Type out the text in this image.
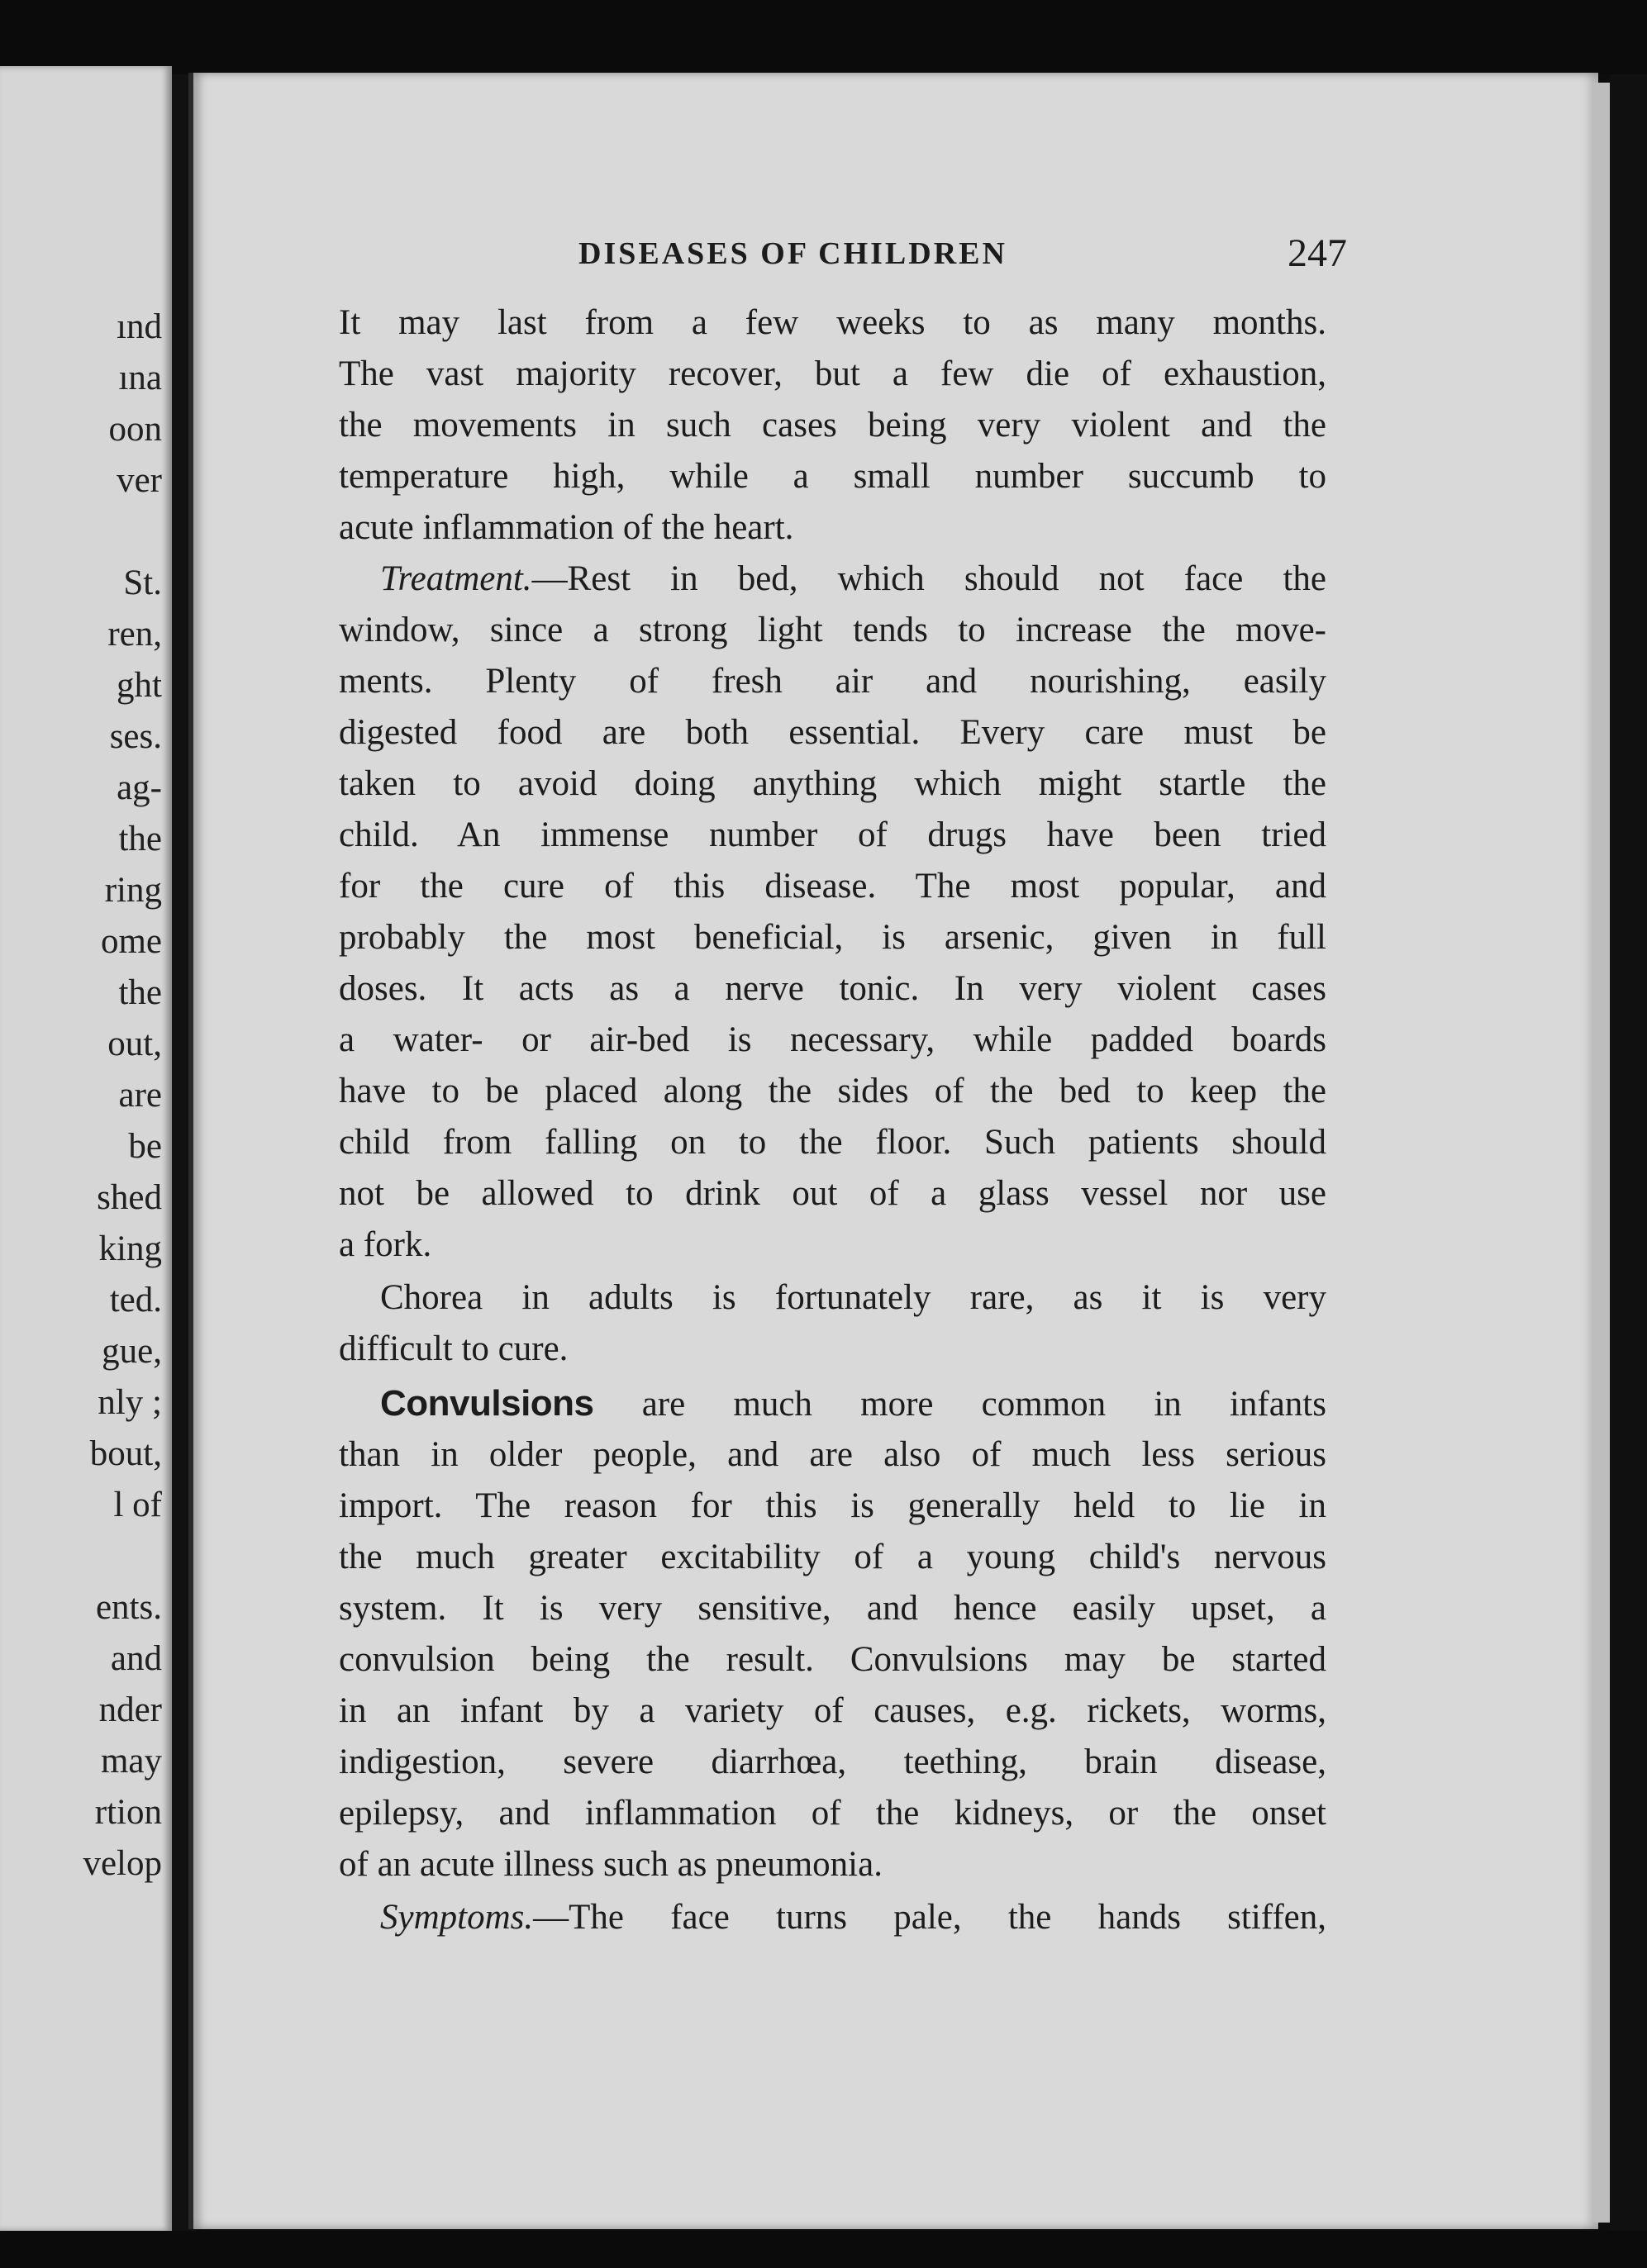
ınd
ına
oon
ver
St.
ren,
ght
ses.
ag-
the
ring
ome
the
out,
are
be
shed
king
ted.
gue,
nly ;
bout,
l of
ents.
and
nder
may
rtion
velop
DISEASES OF CHILDREN	247
It may last from a few weeks to as many months.
The vast majority recover, but a few die of exhaustion,
the movements in such cases being very violent and the
temperature high, while a small number succumb to
acute inflammation of the heart.
Treatment.—Rest in bed, which should not face the
window, since a strong light tends to increase the move-
ments. Plenty of fresh air and nourishing, easily
digested food are both essential. Every care must be
taken to avoid doing anything which might startle the
child. An immense number of drugs have been tried
for the cure of this disease. The most popular, and
probably the most beneficial, is arsenic, given in full
doses. It acts as a nerve tonic. In very violent cases
a water- or air-bed is necessary, while padded boards
have to be placed along the sides of the bed to keep the
child from falling on to the floor. Such patients should
not be allowed to drink out of a glass vessel nor use
a fork.
Chorea in adults is fortunately rare, as it is very
difficult to cure.
Convulsions are much more common in infants
than in older people, and are also of much less serious
import. The reason for this is generally held to lie in
the much greater excitability of a young child's nervous
system. It is very sensitive, and hence easily upset, a
convulsion being the result. Convulsions may be started
in an infant by a variety of causes, e.g. rickets, worms,
indigestion, severe diarrhœa, teething, brain disease,
epilepsy, and inflammation of the kidneys, or the onset
of an acute illness such as pneumonia.
Symptoms.—The face turns pale, the hands stiffen,
